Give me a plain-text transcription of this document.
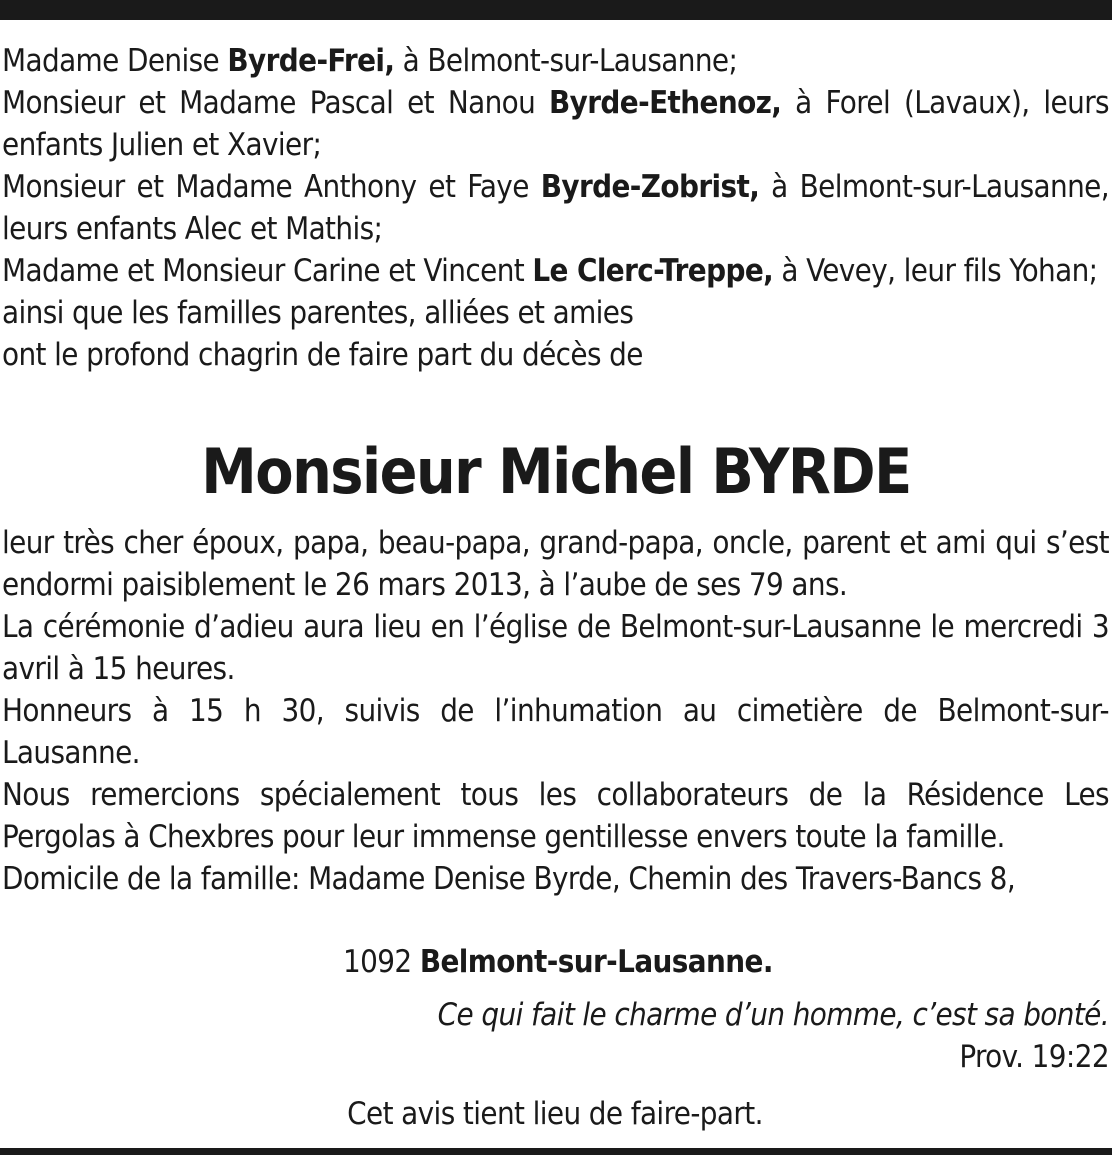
Madame Denise Byrde-Frei, à Belmont-sur-Lausanne;

Monsieur et Madame Pascal et Nanou Byrde-Ethenoz, à Forel (Lavaux), leurs enfants Julien et Xavier;

Monsieur et Madame Anthony et Faye Byrde-Zobrist, à Belmont-sur-Lausanne, leurs enfants Alec et Mathis;

Madame et Monsieur Carine et Vincent Le Clerc-Treppe, à Vevey, leur fils Yohan;

ainsi que les familles parentes, alliées et amies

ont le profond chagrin de faire part du décès de

Monsieur Michel BYRDE

leur très cher époux, papa, beau-papa, grand-papa, oncle, parent et ami qui s’est endormi paisiblement le 26 mars 2013, à l’aube de ses 79 ans.

La cérémonie d’adieu aura lieu en l’église de Belmont-sur-Lausanne le mercredi 3 avril à 15 heures.

Honneurs à 15 h 30, suivis de l’inhumation au cimetière de Belmont-sur-Lausanne.

Nous remercions spécialement tous les collaborateurs de la Résidence Les Pergolas à Chexbres pour leur immense gentillesse envers toute la famille.

Domicile de la famille: Madame Denise Byrde, Chemin des Travers-Bancs 8,

1092 Belmont-sur-Lausanne.
Ce qui fait le charme d’un homme, c’est sa bonté.
Prov. 19:22
Cet avis tient lieu de faire-part.
